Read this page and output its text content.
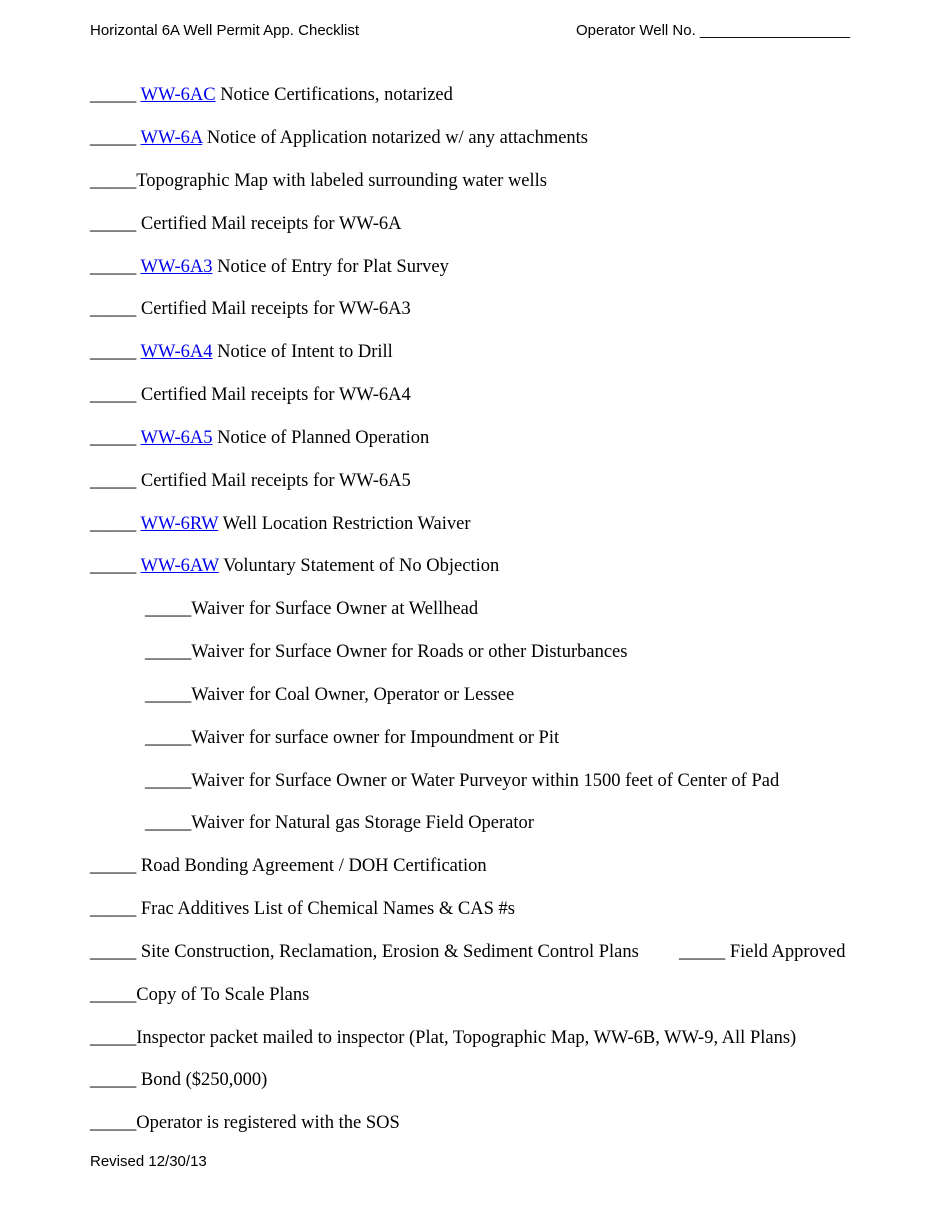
Horizontal 6A Well Permit App. Checklist	Operator Well No. __________________
_____ WW-6AC Notice Certifications, notarized
_____ WW-6A Notice of Application notarized w/ any attachments
_____Topographic Map with labeled surrounding water wells
_____ Certified Mail receipts for WW-6A
_____ WW-6A3 Notice of Entry for Plat Survey
_____ Certified Mail receipts for WW-6A3
_____ WW-6A4 Notice of Intent to Drill
_____ Certified Mail receipts for WW-6A4
_____ WW-6A5 Notice of Planned Operation
_____ Certified Mail receipts for WW-6A5
_____ WW-6RW Well Location Restriction Waiver
_____ WW-6AW Voluntary Statement of No Objection
_____Waiver for Surface Owner at Wellhead
_____Waiver for Surface Owner for Roads or other Disturbances
_____Waiver for Coal Owner, Operator or Lessee
_____Waiver for surface owner for Impoundment or Pit
_____Waiver for Surface Owner or Water Purveyor within 1500 feet of Center of Pad
_____Waiver for Natural gas Storage Field Operator
_____ Road Bonding Agreement / DOH Certification
_____ Frac Additives List of Chemical Names & CAS #s
_____ Site Construction, Reclamation, Erosion & Sediment Control Plans	_____ Field Approved
_____Copy of To Scale Plans
_____Inspector packet mailed to inspector (Plat, Topographic Map, WW-6B, WW-9, All Plans)
_____ Bond ($250,000)
_____Operator is registered with the SOS
Revised 12/30/13
